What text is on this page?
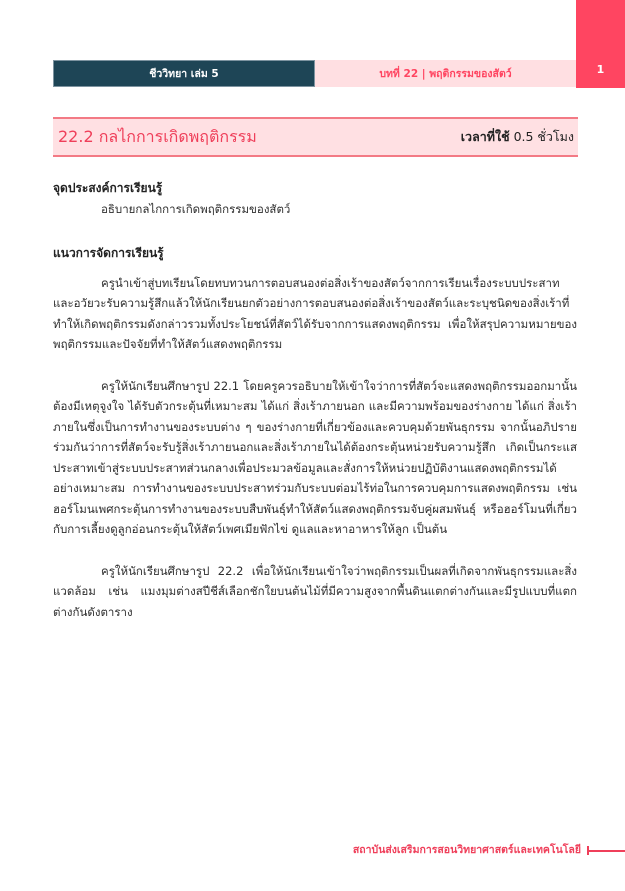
1
ชีววิทยา เล่ม 5	บทที่ 22 | พฤติกรรมของสัตว์
22.2 กลไกการเกิดพฤติกรรม	เวลาที่ใช้ 0.5 ชั่วโมง

จุดประสงค์การเรียนรู้

อธิบายกลไกการเกิดพฤติกรรมของสัตว์

แนวการจัดการเรียนรู้

ครูนำเข้าสู่บทเรียนโดยทบทวนการตอบสนองต่อสิ่งเร้าของสัตว์จากการเรียนเรื่องระบบประสาทและอวัยวะรับความรู้สึกแล้วให้นักเรียนยกตัวอย่างการตอบสนองต่อสิ่งเร้าของสัตว์และระบุชนิดของสิ่งเร้าที่ทำให้เกิดพฤติกรรมดังกล่าวรวมทั้งประโยชน์ที่สัตว์ได้รับจากการแสดงพฤติกรรม เพื่อให้สรุปความหมายของพฤติกรรมและปัจจัยที่ทำให้สัตว์แสดงพฤติกรรม

ครูให้นักเรียนศึกษารูป 22.1 โดยครูควรอธิบายให้เข้าใจว่าการที่สัตว์จะแสดงพฤติกรรมออกมานั้นต้องมีเหตุจูงใจ ได้รับตัวกระตุ้นที่เหมาะสม ได้แก่ สิ่งเร้าภายนอก และมีความพร้อมของร่างกาย ได้แก่ สิ่งเร้าภายในซึ่งเป็นการทำงานของระบบต่าง ๆ ของร่างกายที่เกี่ยวข้องและควบคุมด้วยพันธุกรรม จากนั้นอภิปรายร่วมกันว่าการที่สัตว์จะรับรู้สิ่งเร้าภายนอกและสิ่งเร้าภายในได้ต้องกระตุ้นหน่วยรับความรู้สึก เกิดเป็นกระแสประสาทเข้าสู่ระบบประสาทส่วนกลางเพื่อประมวลข้อมูลและสั่งการให้หน่วยปฏิบัติงานแสดงพฤติกรรมได้อย่างเหมาะสม การทำงานของระบบประสาทร่วมกับระบบต่อมไร้ท่อในการควบคุมการแสดงพฤติกรรม เช่น ฮอร์โมนเพศกระตุ้นการทำงานของระบบสืบพันธุ์ทำให้สัตว์แสดงพฤติกรรมจับคู่ผสมพันธุ์ หรือฮอร์โมนที่เกี่ยวกับการเลี้ยงดูลูกอ่อนกระตุ้นให้สัตว์เพศเมียฟักไข่ ดูแลและหาอาหารให้ลูก เป็นต้น

ครูให้นักเรียนศึกษารูป 22.2 เพื่อให้นักเรียนเข้าใจว่าพฤติกรรมเป็นผลที่เกิดจากพันธุกรรมและสิ่งแวดล้อม เช่น แมงมุมต่างสปีชีส์เลือกชักใยบนต้นไม้ที่มีความสูงจากพื้นดินแตกต่างกันและมีรูปแบบที่แตกต่างกันดังตาราง

สถาบันส่งเสริมการสอนวิทยาศาสตร์และเทคโนโลยี
